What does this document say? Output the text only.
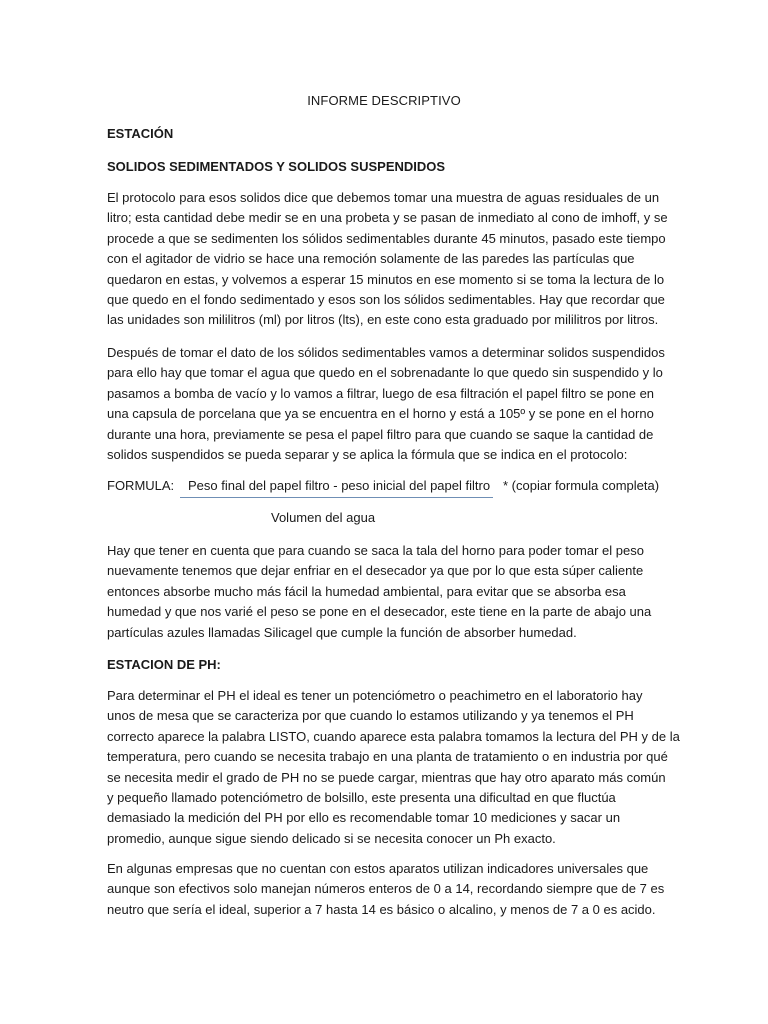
INFORME DESCRIPTIVO
ESTACIÓN
SOLIDOS SEDIMENTADOS Y SOLIDOS SUSPENDIDOS
El protocolo para esos solidos dice que debemos tomar una muestra de aguas residuales de un
litro; esta cantidad debe medir se en una probeta y se pasan de inmediato al cono de imhoff, y se
procede a que se sedimenten los sólidos sedimentables durante 45 minutos, pasado este tiempo
con el agitador de vidrio se hace una remoción solamente de las paredes las partículas que
quedaron en estas, y volvemos a esperar 15 minutos en ese momento si se toma la lectura de lo
que quedo en el fondo sedimentado y esos son los sólidos sedimentables. Hay que recordar que
las unidades son mililitros (ml) por litros (lts), en este cono esta graduado por mililitros por litros.
Después de tomar el dato de los sólidos sedimentables vamos a determinar solidos suspendidos
para ello hay que tomar el agua que quedo en el sobrenadante lo que quedo sin suspendido y lo
pasamos a bomba de vacío y lo vamos a filtrar, luego de esa filtración el papel filtro se pone en
una capsula de porcelana que ya se encuentra en el horno y está a 105º y se pone en el horno
durante una hora, previamente se pesa el papel filtro para que cuando se saque la cantidad de
solidos suspendidos se pueda separar y se aplica la fórmula que se indica en el protocolo:
FORMULA: Peso final del papel filtro - peso inicial del papel filtro * (copiar formula completa)
Volumen del agua
Hay que tener en cuenta que para cuando se saca la tala del horno para poder tomar el peso
nuevamente tenemos que dejar enfriar en el desecador ya que por lo que esta súper caliente
entonces absorbe mucho más fácil la humedad ambiental, para evitar que se absorba esa
humedad y que nos varié el peso se pone en el desecador, este tiene en la parte de abajo una
partículas azules llamadas Silicagel que cumple la función de absorber humedad.
ESTACION DE PH:
Para determinar el PH el ideal es tener un potenciómetro o peachimetro en el laboratorio hay
unos de mesa que se caracteriza por que cuando lo estamos utilizando y ya tenemos el PH
correcto aparece la palabra LISTO, cuando aparece esta palabra tomamos la lectura del PH y de la
temperatura, pero cuando se necesita trabajo en una planta de tratamiento o en industria por qué
se necesita medir el grado de PH no se puede cargar, mientras que hay otro aparato más común
y pequeño llamado potenciómetro de bolsillo, este presenta una dificultad en que fluctúa
demasiado la medición del PH por ello es recomendable tomar 10 mediciones y sacar un
promedio, aunque sigue siendo delicado si se necesita conocer un Ph exacto.
En algunas empresas que no cuentan con estos aparatos utilizan indicadores universales que
aunque son efectivos solo manejan números enteros de 0 a 14, recordando siempre que de 7 es
neutro que sería el ideal, superior a 7 hasta 14 es básico o alcalino, y menos de 7 a 0 es acido.
